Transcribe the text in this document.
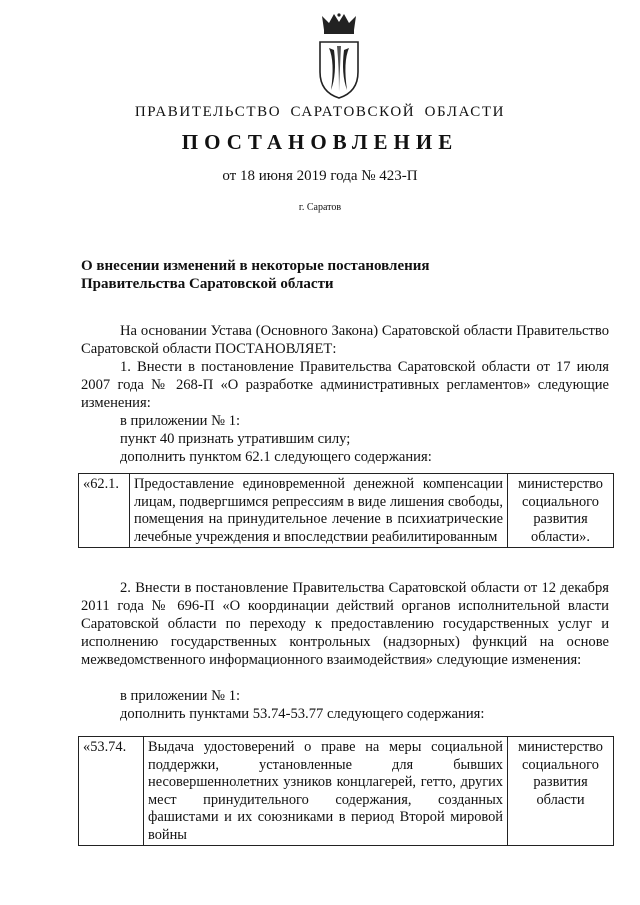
ПРАВИТЕЛЬСТВО САРАТОВСКОЙ ОБЛАСТИ
ПОСТАНОВЛЕНИЕ
от 18 июня 2019 года № 423-П
г. Саратов
О внесении изменений в некоторые постановления
Правительства Саратовской области
На основании Устава (Основного Закона) Саратовской области Правительство Саратовской области ПОСТАНОВЛЯЕТ:
1. Внести в постановление Правительства Саратовской области от 17 июля 2007 года № 268-П «О разработке административных регламентов» следующие изменения:
в приложении № 1:
пункт 40 признать утратившим силу;
дополнить пунктом 62.1 следующего содержания:
«62.1.	Предоставление единовременной денежной компенсации лицам, подвергшимся репрессиям в виде лишения свободы, помещения на принудительное лечение в психиатрические лечебные учреждения и впоследствии реабилитированным	министерство социального развития области».
2. Внести в постановление Правительства Саратовской области от 12 декабря 2011 года № 696-П «О координации действий органов исполнительной власти Саратовской области по переходу к предоставлению государственных услуг и исполнению государственных контрольных (надзорных) функций на основе межведомственного информационного взаимодействия» следующие изменения:
в приложении № 1:
дополнить пунктами 53.74-53.77 следующего содержания:
«53.74.	Выдача удостоверений о праве на меры социальной поддержки, установленные для бывших несовершеннолетних узников концлагерей, гетто, других мест принудительного содержания, созданных фашистами и их союзниками в период Второй мировой войны	министерство социального развития области
